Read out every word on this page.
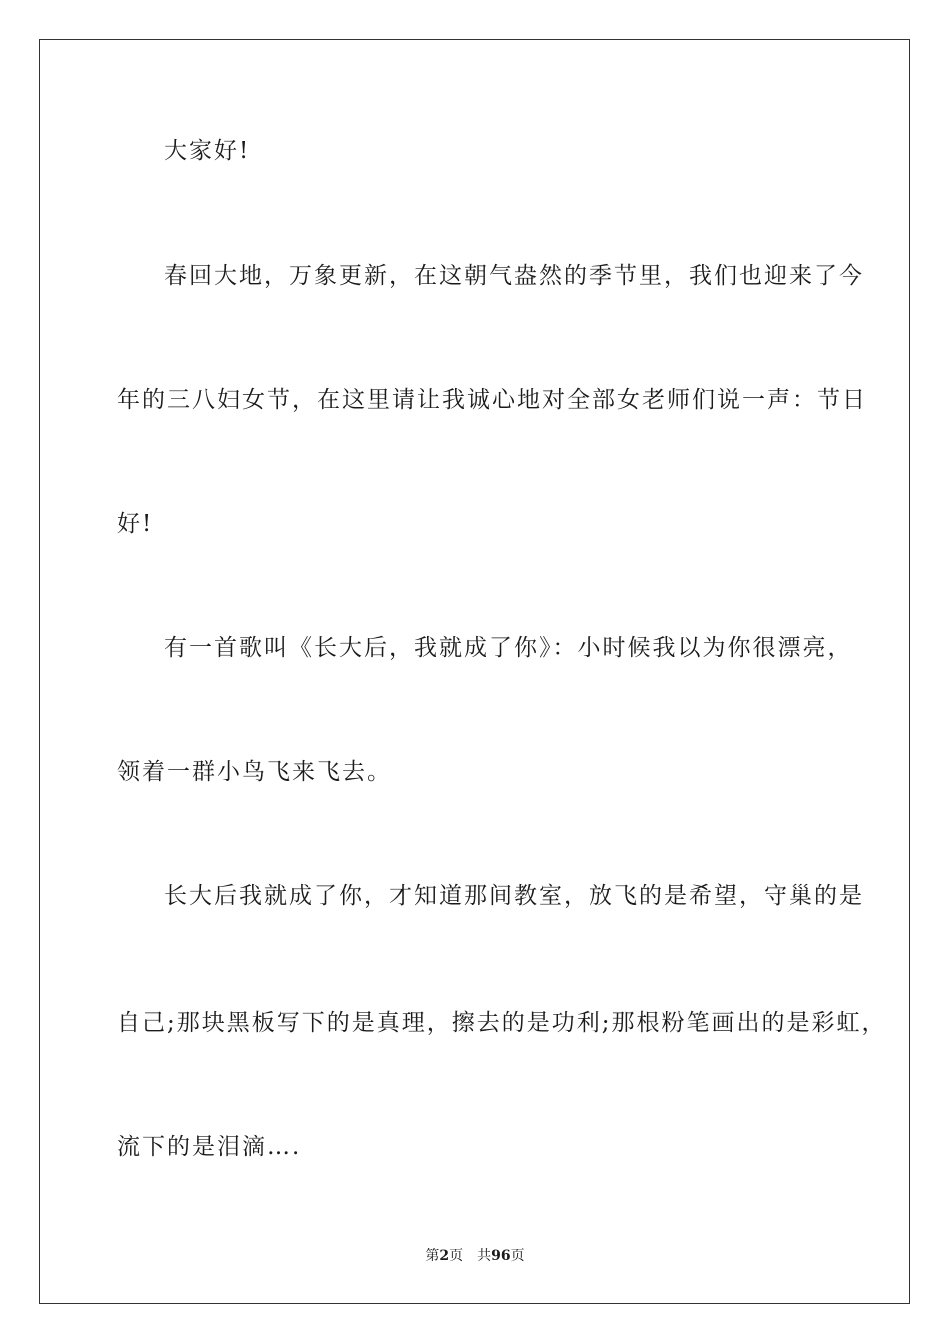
大家好!
春回大地，万象更新，在这朝气盎然的季节里，我们也迎来了今
年的三八妇女节，在这里请让我诚心地对全部女老师们说一声：节日
好!
有一首歌叫《长大后，我就成了你》：小时候我以为你很漂亮，
领着一群小鸟飞来飞去。
长大后我就成了你，才知道那间教室，放飞的是希望，守巢的是
自己;那块黑板写下的是真理，擦去的是功利;那根粉笔画出的是彩虹，
流下的是泪滴….
第2页 共96页
